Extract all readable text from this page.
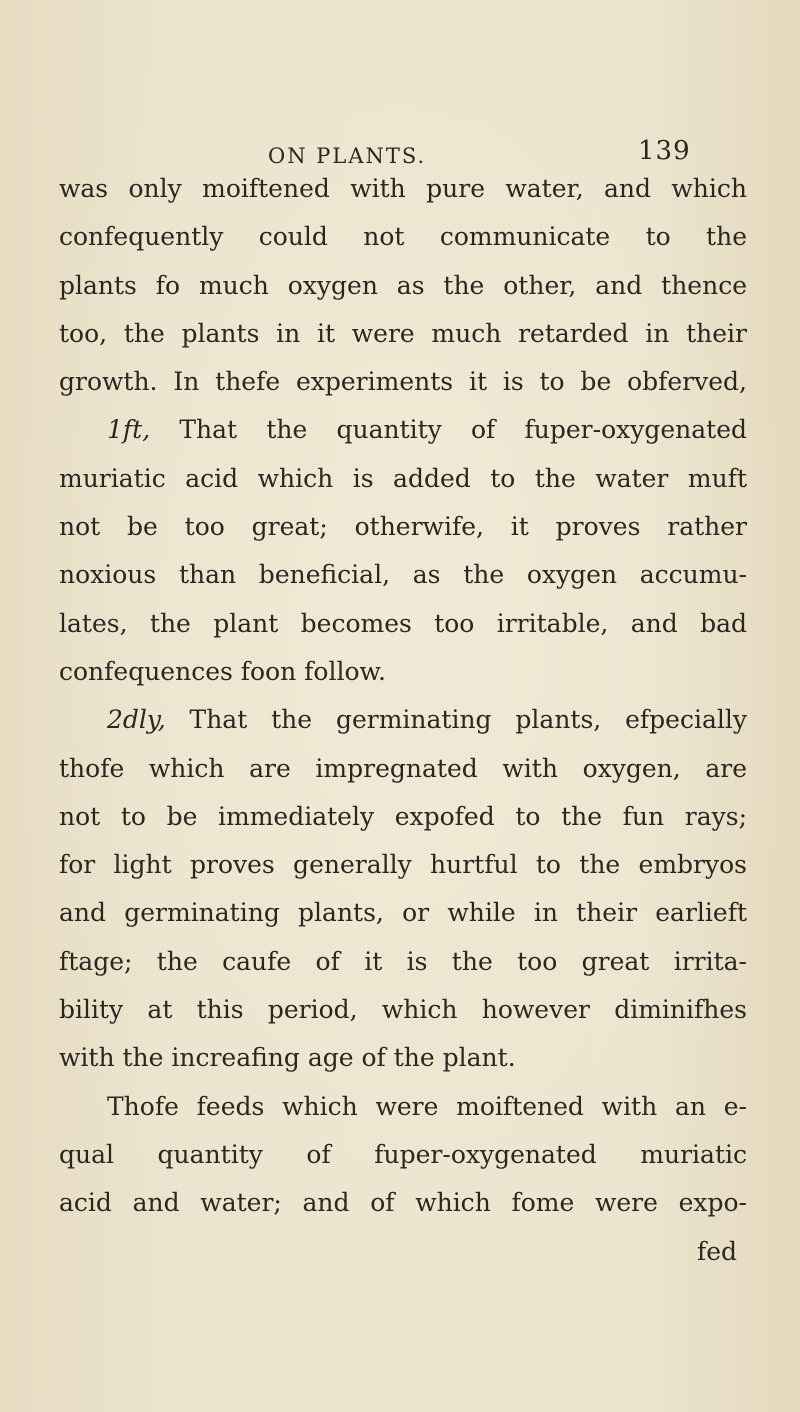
ON PLANTS.	139
was only moiftened with pure water, and which
confequently could not communicate to the
plants fo much oxygen as the other, and thence
too, the plants in it were much retarded in their
growth. In thefe experiments it is to be obferved,
1ft, That the quantity of fuper-oxygenated
muriatic acid which is added to the water muft
not be too great; otherwife, it proves rather
noxious than beneficial, as the oxygen accumu-
lates, the plant becomes too irritable, and bad
confequences foon follow.
2dly, That the germinating plants, efpecially
thofe which are impregnated with oxygen, are
not to be immediately expofed to the fun rays;
for light proves generally hurtful to the embryos
and germinating plants, or while in their earlieft
ftage; the caufe of it is the too great irrita-
bility at this period, which however diminifhes
with the increafing age of the plant.
Thofe feeds which were moiftened with an e-
qual quantity of fuper-oxygenated muriatic
acid and water; and of which fome were expo-
fed
